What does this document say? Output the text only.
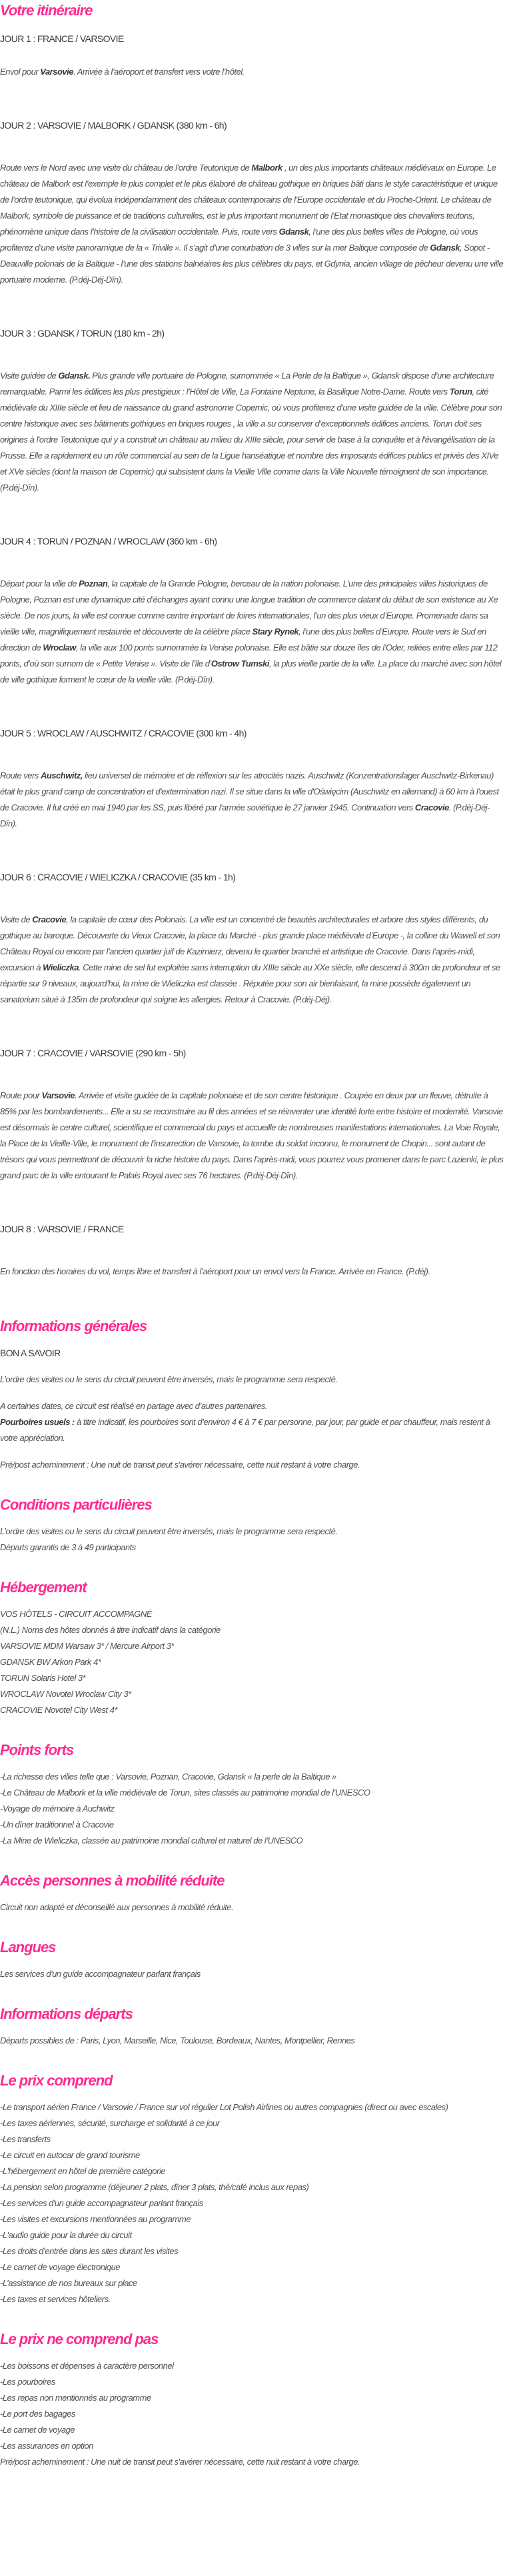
Votre itinéraire
JOUR 1 : FRANCE / VARSOVIE

Envol pour Varsovie. Arrivée à l’aéroport et transfert vers votre l’hôtel.

JOUR 2 : VARSOVIE / MALBORK / GDANSK (380 km - 6h)

Route vers le Nord avec une visite du château de l’ordre Teutonique de Malbork , un des plus importants châteaux médiévaux en Europe. Le château de Malbork est l’exemple le plus complet et le plus élaboré de château gothique en briques bâti dans le style caractéristique et unique de l’ordre teutonique, qui évolua indépendamment des châteaux contemporains de l’Europe occidentale et du Proche-Orient. Le château de Malbork, symbole de puissance et de traditions culturelles, est le plus important monument de l’Etat monastique des chevaliers teutons, phénomène unique dans l’histoire de la civilisation occidentale. Puis, route vers Gdansk, l’une des plus belles villes de Pologne, où vous profiterez d’une visite panoramique de la « Triville ». Il s’agit d’une conurbation de 3 villes sur la mer Baltique composée de Gdansk, Sopot - Deauville polonais de la Baltique - l’une des stations balnéaires les plus célèbres du pays, et Gdynia, ancien village de pêcheur devenu une ville portuaire moderne. (P.déj-Déj-Dîn).

JOUR 3 : GDANSK / TORUN (180 km - 2h)

Visite guidée de Gdansk. Plus grande ville portuaire de Pologne, surnommée « La Perle de la Baltique », Gdansk dispose d’une architecture remarquable. Parmi les édifices les plus prestigieux : l’Hôtel de Ville, La Fontaine Neptune, la Basilique Notre-Dame. Route vers Torun, cité médiévale du XIIIe siècle et lieu de naissance du grand astronome Copernic, où vous profiterez d’une visite guidée de la ville. Célèbre pour son centre historique avec ses bâtiments gothiques en briques rouges , la ville a su conserver d’exceptionnels édifices anciens. Torun doit ses origines à l'ordre Teutonique qui y a construit un château au milieu du XIIIe siècle, pour servir de base à la conquête et à l'évangélisation de la Prusse. Elle a rapidement eu un rôle commercial au sein de la Ligue hanséatique et nombre des imposants édifices publics et privés des XIVe et XVe siècles (dont la maison de Copernic) qui subsistent dans la Vieille Ville comme dans la Ville Nouvelle témoignent de son importance. (P.déj-Dîn).

JOUR 4 : TORUN / POZNAN / WROCLAW (360 km - 6h)

Départ pour la ville de Poznan, la capitale de la Grande Pologne, berceau de la nation polonaise. L’une des principales villes historiques de Pologne, Poznan est une dynamique cité d’échanges ayant connu une longue tradition de commerce datant du début de son existence au Xe siècle. De nos jours, la ville est connue comme centre important de foires internationales, l’un des plus vieux d’Europe. Promenade dans sa vieille ville, magnifiquement restaurée et découverte de la célèbre place Stary Rynek, l’une des plus belles d’Europe. Route vers le Sud en direction de Wroclaw, la ville aux 100 ponts surnommée la Venise polonaise. Elle est bâtie sur douze îles de l’Oder, reliées entre elles par 112 ponts, d’où son surnom de « Petite Venise ». Visite de l’île d’Ostrow Tumski, la plus vieille partie de la ville. La place du marché avec son hôtel de ville gothique forment le cœur de la vieille ville. (P.déj-Dîn).

JOUR 5 : WROCLAW / AUSCHWITZ / CRACOVIE (300 km - 4h)

Route vers Auschwitz, lieu universel de mémoire et de réflexion sur les atrocités nazis. Auschwitz (Konzentrationslager Auschwitz-Birkenau) était le plus grand camp de concentration et d'extermination nazi. Il se situe dans la ville d'Oświęcim (Auschwitz en allemand) à 60 km à l'ouest de Cracovie. Il fut créé en mai 1940 par les SS, puis libéré par l'armée soviétique le 27 janvier 1945. Continuation vers Cracovie. (P.déj-Déj-Dîn).

JOUR 6 : CRACOVIE / WIELICZKA / CRACOVIE (35 km - 1h)

Visite de Cracovie, la capitale de cœur des Polonais. La ville est un concentré de beautés architecturales et arbore des styles différents, du gothique au baroque. Découverte du Vieux Cracovie, la place du Marché - plus grande place médiévale d’Europe -, la colline du Wawell et son Château Royal ou encore par l’ancien quartier juif de Kazimierz, devenu le quartier branché et artistique de Cracovie. Dans l’après-midi, excursion à Wieliczka. Cette mine de sel fut exploitée sans interruption du XIIIe siècle au XXe siècle, elle descend à 300m de profondeur et se répartie sur 9 niveaux, aujourd’hui, la mine de Wieliczka est classée . Réputée pour son air bienfaisant, la mine possède également un sanatorium situé à 135m de profondeur qui soigne les allergies. Retour à Cracovie. (P.déj-Déj).

JOUR 7 : CRACOVIE / VARSOVIE (290 km - 5h)

Route pour Varsovie. Arrivée et visite guidée de la capitale polonaise et de son centre historique . Coupée en deux par un fleuve, détruite à 85% par les bombardements... Elle a su se reconstruire au fil des années et se réinventer une identité forte entre histoire et modernité. Varsovie est désormais le centre culturel, scientifique et commercial du pays et accueille de nombreuses manifestations internationales. La Voie Royale, la Place de la Vieille-Ville, le monument de l’insurrection de Varsovie, la tombe du soldat inconnu, le monument de Chopin... sont autant de trésors qui vous permettront de découvrir la riche histoire du pays. Dans l’après-midi, vous pourrez vous promener dans le parc Lazienki, le plus grand parc de la ville entourant le Palais Royal avec ses 76 hectares. (P.déj-Déj-Dîn).

JOUR 8 : VARSOVIE / FRANCE

En fonction des horaires du vol, temps libre et transfert à l’aéroport pour un envol vers la France. Arrivée en France. (P.déj).

Informations générales

BON A SAVOIR

L’ordre des visites ou le sens du circuit peuvent être inversés, mais le programme sera respecté.

A certaines dates, ce circuit est réalisé en partage avec d’autres partenaires.

Pourboires usuels : à titre indicatif, les pourboires sont d’environ 4 € à 7 € par personne, par jour, par guide et par chauffeur, mais restent à votre appréciation.

Pré/post acheminement : Une nuit de transit peut s'avérer nécessaire, cette nuit restant à votre charge.

Conditions particulières

L’ordre des visites ou le sens du circuit peuvent être inversés, mais le programme sera respecté.

Départs garantis de 3 à 49 participants

Hébergement

VOS HÔTELS - CIRCUIT ACCOMPAGNÉ

(N.L.) Noms des hôtes donnés à titre indicatif dans la catégorie

VARSOVIE MDM Warsaw 3* / Mercure Airport 3*

GDANSK BW Arkon Park 4*

TORUN Solaris Hotel 3*

WROCLAW Novotel Wroclaw City 3*

CRACOVIE Novotel City West 4*

Points forts

-La richesse des villes telle que : Varsovie, Poznan, Cracovie, Gdansk « la perle de la Baltique »

-Le Château de Malbork et la ville médiévale de Torun, sites classés au patrimoine mondial de l’UNESCO

-Voyage de mémoire à Auchwitz

-Un dîner traditionnel à Cracovie

-La Mine de Wieliczka, classée au patrimoine mondial culturel et naturel de l’UNESCO

Accès personnes à mobilité réduite

Circuit non adapté et déconseillé aux personnes à mobilité réduite.

Langues

Les services d'un guide accompagnateur parlant français

Informations départs

Départs possibles de : Paris, Lyon, Marseille, Nice, Toulouse, Bordeaux, Nantes, Montpellier, Rennes

Le prix comprend

-Le transport aérien France / Varsovie / France sur vol régulier Lot Polish Airlines ou autres compagnies (direct ou avec escales)

-Les taxes aériennes, sécurité, surcharge et solidarité à ce jour

-Les transferts

-Le circuit en autocar de grand tourisme

-L'hébergement en hôtel de première catégorie

-La pension selon programme (déjeuner 2 plats, dîner 3 plats, thé/café inclus aux repas)

-Les services d'un guide accompagnateur parlant français

-Les visites et excursions mentionnées au programme

-L'audio guide pour la durée du circuit

-Les droits d’entrée dans les sites durant les visites

-Le carnet de voyage électronique

-L’assistance de nos bureaux sur place

-Les taxes et services hôteliers.

Le prix ne comprend pas

-Les boissons et dépenses à caractère personnel

-Les pourboires

-Les repas non mentionnés au programme

-Le port des bagages

-Le carnet de voyage

-Les assurances en option

Pré/post acheminement : Une nuit de transit peut s'avérer nécessaire, cette nuit restant à votre charge.
